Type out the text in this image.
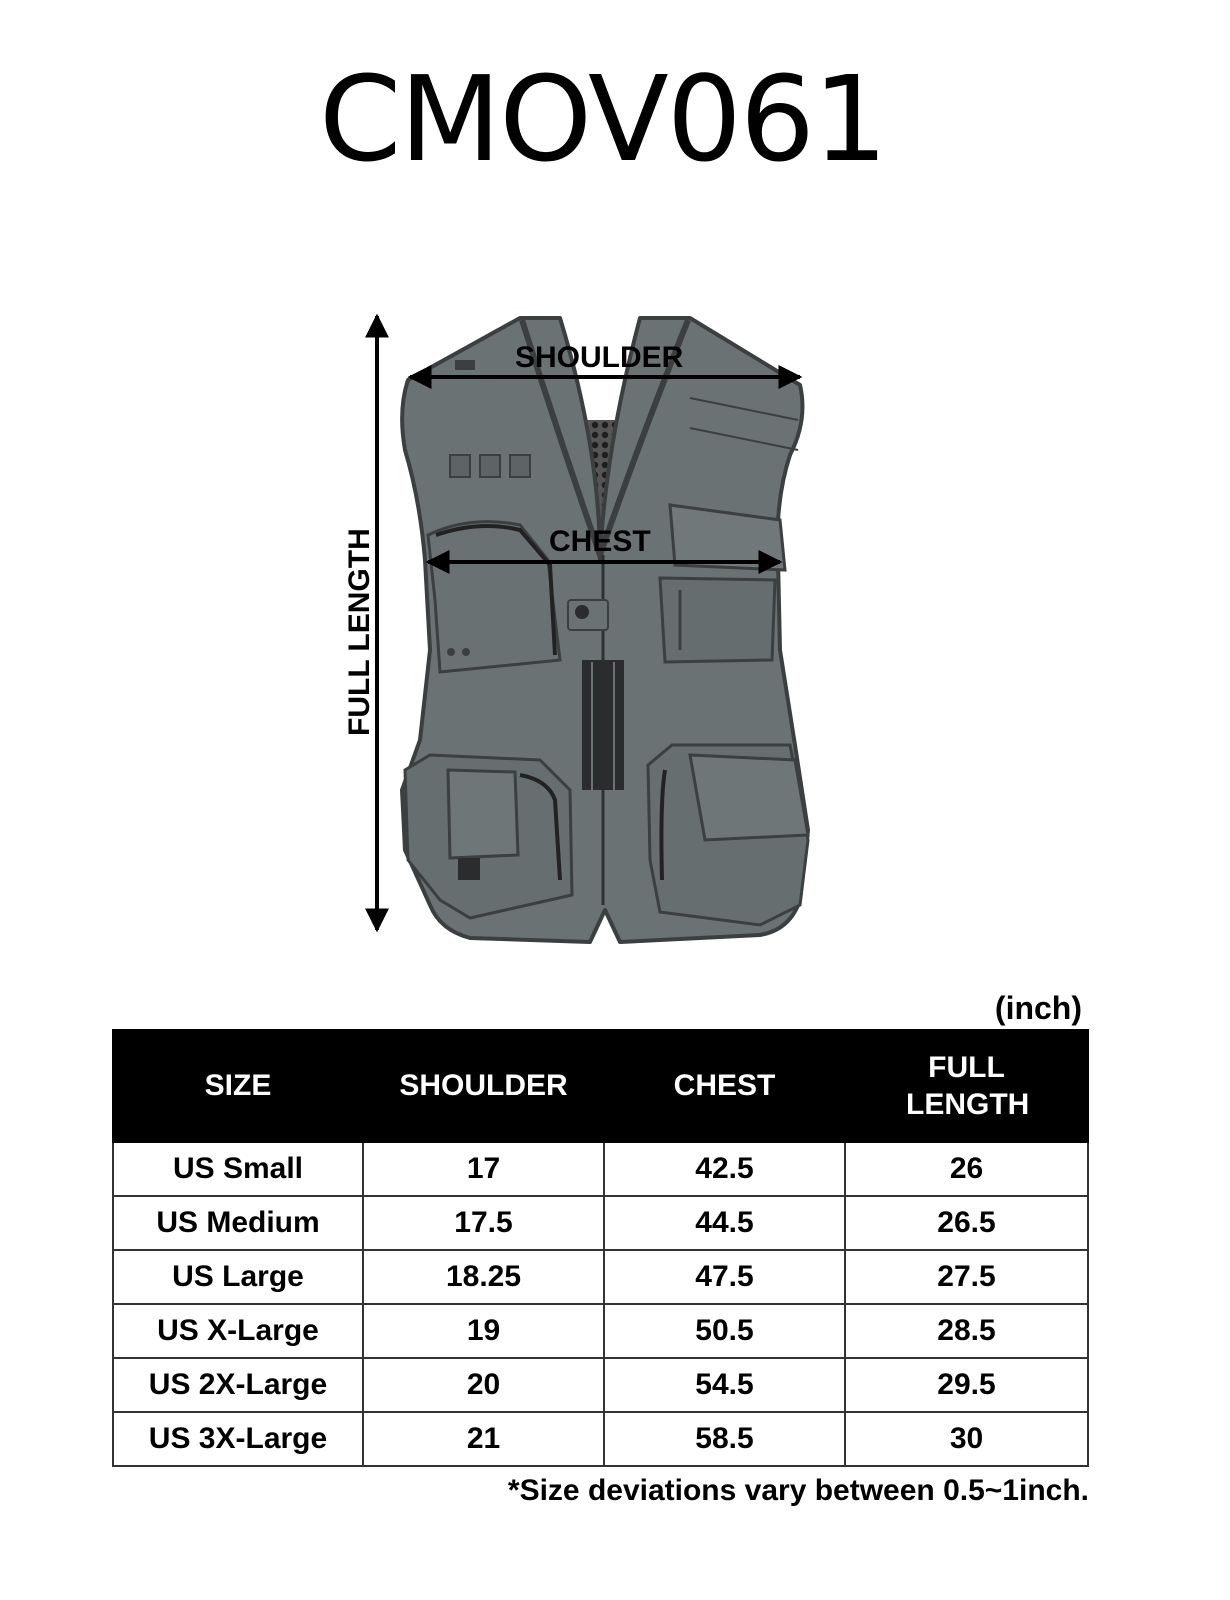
CMOV061
SHOULDER
CHEST
FULL LENGTH
(inch)
SIZE	SHOULDER	CHEST	FULL LENGTH
US Small	17	42.5	26
US Medium	17.5	44.5	26.5
US Large	18.25	47.5	27.5
US X-Large	19	50.5	28.5
US 2X-Large	20	54.5	29.5
US 3X-Large	21	58.5	30
*Size deviations vary between 0.5~1inch.
